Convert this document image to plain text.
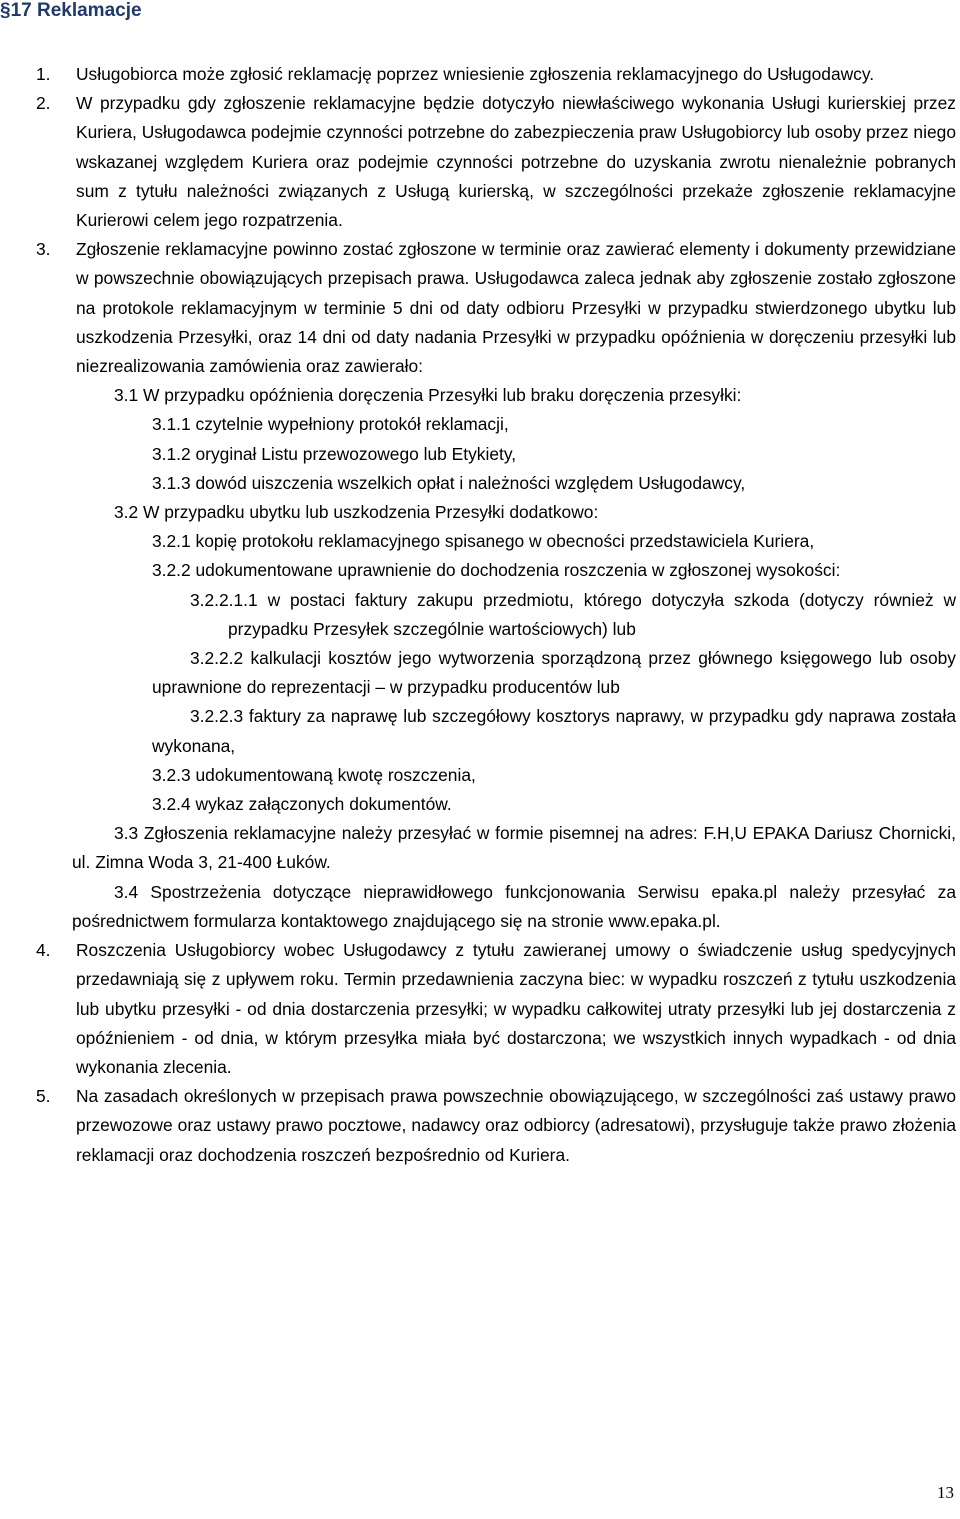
§17 Reklamacje
1. Usługobiorca może zgłosić reklamację poprzez wniesienie zgłoszenia reklamacyjnego do Usługodawcy.

2. W przypadku gdy zgłoszenie reklamacyjne będzie dotyczyło niewłaściwego wykonania Usługi kurierskiej przez Kuriera, Usługodawca podejmie czynności potrzebne do zabezpieczenia praw Usługobiorcy lub osoby przez niego wskazanej względem Kuriera oraz podejmie czynności potrzebne do uzyskania zwrotu nienależnie pobranych sum z tytułu należności związanych z Usługą kurierską, w szczególności przekaże zgłoszenie reklamacyjne Kurierowi celem jego rozpatrzenia.

3. Zgłoszenie reklamacyjne powinno zostać zgłoszone w terminie oraz zawierać elementy i dokumenty przewidziane w powszechnie obowiązujących przepisach prawa. Usługodawca zaleca jednak aby zgłoszenie zostało zgłoszone na protokole reklamacyjnym w terminie 5 dni od daty odbioru Przesyłki w przypadku stwierdzonego ubytku lub uszkodzenia Przesyłki, oraz 14 dni od daty nadania Przesyłki w przypadku opóźnienia w doręczeniu przesyłki lub niezrealizowania zamówienia oraz zawierało:

3.1 W przypadku opóźnienia doręczenia Przesyłki lub braku doręczenia przesyłki:

3.1.1 czytelnie wypełniony protokół reklamacji,

3.1.2 oryginał Listu przewozowego lub Etykiety,

3.1.3 dowód uiszczenia wszelkich opłat i należności względem Usługodawcy,

3.2 W przypadku ubytku lub uszkodzenia Przesyłki dodatkowo:

3.2.1 kopię protokołu reklamacyjnego spisanego w obecności przedstawiciela Kuriera,

3.2.2 udokumentowane uprawnienie do dochodzenia roszczenia w zgłoszonej wysokości:

3.2.2.1.1 w postaci faktury zakupu przedmiotu, którego dotyczyła szkoda (dotyczy również w przypadku Przesyłek szczególnie wartościowych) lub

3.2.2.2 kalkulacji kosztów jego wytworzenia sporządzoną przez głównego księgowego lub osoby uprawnione do reprezentacji – w przypadku producentów lub

3.2.2.3 faktury za naprawę lub szczegółowy kosztorys naprawy, w przypadku gdy naprawa została wykonana,

3.2.3 udokumentowaną kwotę roszczenia,

3.2.4 wykaz załączonych dokumentów.

3.3 Zgłoszenia reklamacyjne należy przesyłać w formie pisemnej na adres: F.H,U EPAKA Dariusz Chornicki, ul. Zimna Woda 3, 21-400 Łuków.

3.4 Spostrzeżenia dotyczące nieprawidłowego funkcjonowania Serwisu epaka.pl należy przesyłać za pośrednictwem formularza kontaktowego znajdującego się na stronie www.epaka.pl.

4. Roszczenia Usługobiorcy wobec Usługodawcy z tytułu zawieranej umowy o świadczenie usług spedycyjnych przedawniają się z upływem roku. Termin przedawnienia zaczyna biec: w wypadku roszczeń z tytułu uszkodzenia lub ubytku przesyłki - od dnia dostarczenia przesyłki; w wypadku całkowitej utraty przesyłki lub jej dostarczenia z opóźnieniem - od dnia, w którym przesyłka miała być dostarczona; we wszystkich innych wypadkach - od dnia wykonania zlecenia.

5. Na zasadach określonych w przepisach prawa powszechnie obowiązującego, w szczególności zaś ustawy prawo przewozowe oraz ustawy prawo pocztowe, nadawcy oraz odbiorcy (adresatowi), przysługuje także prawo złożenia reklamacji oraz dochodzenia roszczeń bezpośrednio od Kuriera.

13
